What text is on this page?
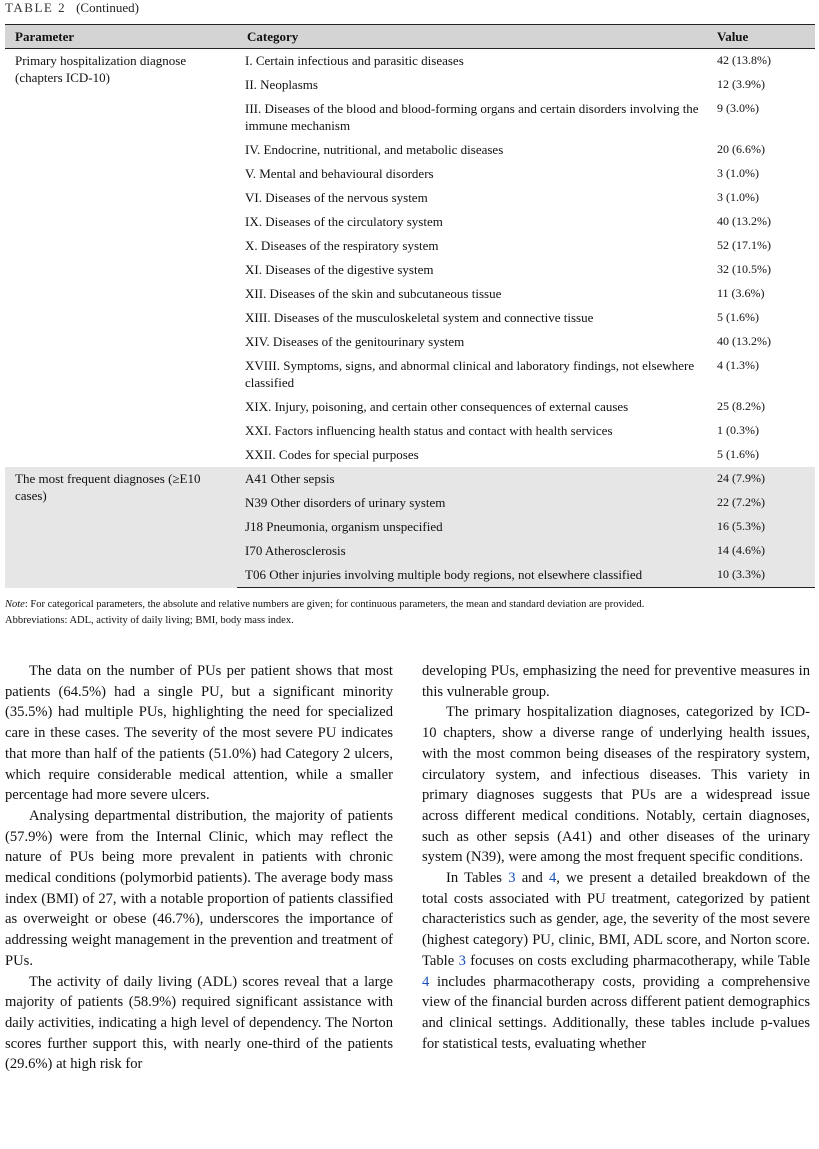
TABLE 2 (Continued)
Parameter	Category	Value
Primary hospitalization diagnose (chapters ICD-10)	I. Certain infectious and parasitic diseases	42 (13.8%)
	II. Neoplasms	12 (3.9%)
	III. Diseases of the blood and blood-forming organs and certain disorders involving the immune mechanism	9 (3.0%)
	IV. Endocrine, nutritional, and metabolic diseases	20 (6.6%)
	V. Mental and behavioural disorders	3 (1.0%)
	VI. Diseases of the nervous system	3 (1.0%)
	IX. Diseases of the circulatory system	40 (13.2%)
	X. Diseases of the respiratory system	52 (17.1%)
	XI. Diseases of the digestive system	32 (10.5%)
	XII. Diseases of the skin and subcutaneous tissue	11 (3.6%)
	XIII. Diseases of the musculoskeletal system and connective tissue	5 (1.6%)
	XIV. Diseases of the genitourinary system	40 (13.2%)
	XVIII. Symptoms, signs, and abnormal clinical and laboratory findings, not elsewhere classified	4 (1.3%)
	XIX. Injury, poisoning, and certain other consequences of external causes	25 (8.2%)
	XXI. Factors influencing health status and contact with health services	1 (0.3%)
	XXII. Codes for special purposes	5 (1.6%)
The most frequent diagnoses (≥E10 cases)	A41 Other sepsis	24 (7.9%)
	N39 Other disorders of urinary system	22 (7.2%)
	J18 Pneumonia, organism unspecified	16 (5.3%)
	I70 Atherosclerosis	14 (4.6%)
	T06 Other injuries involving multiple body regions, not elsewhere classified	10 (3.3%)
Note: For categorical parameters, the absolute and relative numbers are given; for continuous parameters, the mean and standard deviation are provided.
Abbreviations: ADL, activity of daily living; BMI, body mass index.

The data on the number of PUs per patient shows that most patients (64.5%) had a single PU, but a significant minority (35.5%) had multiple PUs, highlighting the need for specialized care in these cases. The severity of the most severe PU indicates that more than half of the patients (51.0%) had Category 2 ulcers, which require considerable medical attention, while a smaller percentage had more severe ulcers.

Analysing departmental distribution, the majority of patients (57.9%) were from the Internal Clinic, which may reflect the nature of PUs being more prevalent in patients with chronic medical conditions (polymorbid patients). The average body mass index (BMI) of 27, with a notable proportion of patients classified as overweight or obese (46.7%), underscores the importance of addressing weight management in the prevention and treatment of PUs.

The activity of daily living (ADL) scores reveal that a large majority of patients (58.9%) required significant assistance with daily activities, indicating a high level of dependency. The Norton scores further support this, with nearly one-third of the patients (29.6%) at high risk for

developing PUs, emphasizing the need for preventive measures in this vulnerable group.

The primary hospitalization diagnoses, categorized by ICD-10 chapters, show a diverse range of underlying health issues, with the most common being diseases of the respiratory system, circulatory system, and infectious diseases. This variety in primary diagnoses suggests that PUs are a widespread issue across different medical conditions. Notably, certain diagnoses, such as other sepsis (A41) and other diseases of the urinary system (N39), were among the most frequent specific conditions.

In Tables 3 and 4, we present a detailed breakdown of the total costs associated with PU treatment, categorized by patient characteristics such as gender, age, the severity of the most severe (highest category) PU, clinic, BMI, ADL score, and Norton score. Table 3 focuses on costs excluding pharmacotherapy, while Table 4 includes pharmacotherapy costs, providing a comprehensive view of the financial burden across different patient demographics and clinical settings. Additionally, these tables include p-values for statistical tests, evaluating whether
